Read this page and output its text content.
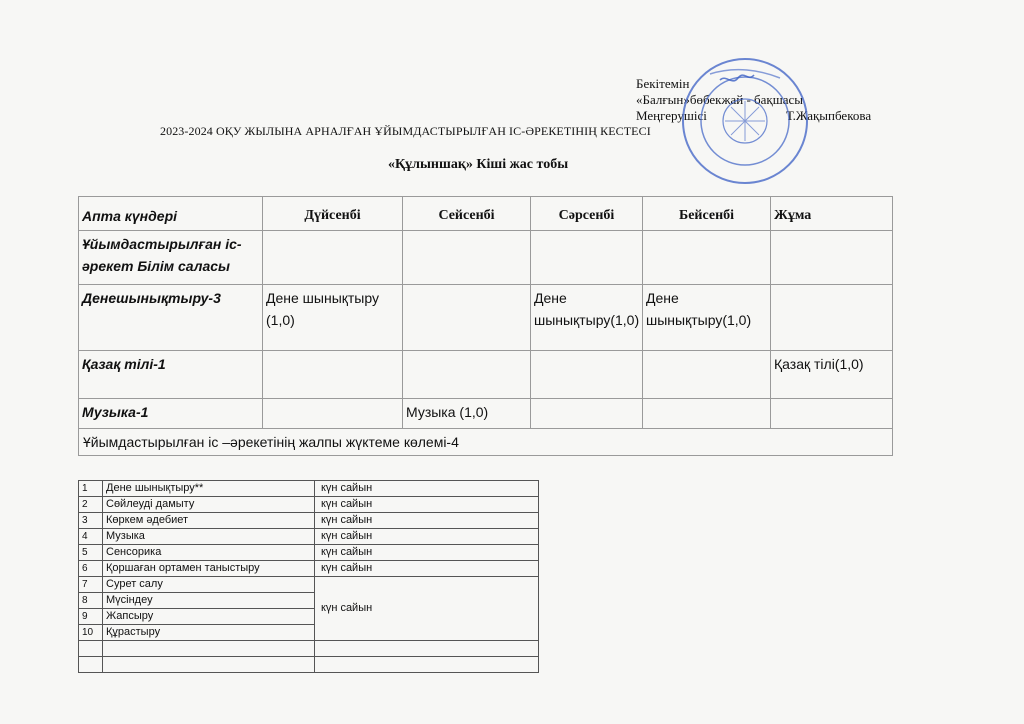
Бекітемін
«Балғын»бөбекжай - бақшасы
Меңгерушісі	Т.Жақыпбекова
2023-2024 ОҚУ ЖЫЛЫНА АРНАЛҒАН ҰЙЫМДАСТЫРЫЛҒАН ІС-ӘРЕКЕТІНІҢ КЕСТЕСІ
«Құлыншақ» Кіші жас тобы
Апта күндері	Дүйсенбі	Сейсенбі	Сәрсенбі	Бейсенбі	Жұма
Ұйымдастырылған іс-әрекет Білім саласы					
Денешынықтыру-3	Дене шынықтыру (1,0)		Дене шынықтыру(1,0)	Дене шынықтыру(1,0)	
Қазақ тілі-1					Қазақ тілі(1,0)
Музыка-1		Музыка (1,0)			
Ұйымдастырылған іс –әрекетінің жалпы жүктеме көлемі-4					
1	Дене шынықтыру**	күн сайын
2	Сөйлеуді дамыту	күн сайын
3	Көркем әдебиет	күн сайын
4	Музыка	күн сайын
5	Сенсорика	күн сайын
6	Қоршаған ортамен таныстыру	күн сайын
7	Сурет салу	күн сайын
8	Мүсіндеу	
9	Жапсыру	
10	Құрастыру	
